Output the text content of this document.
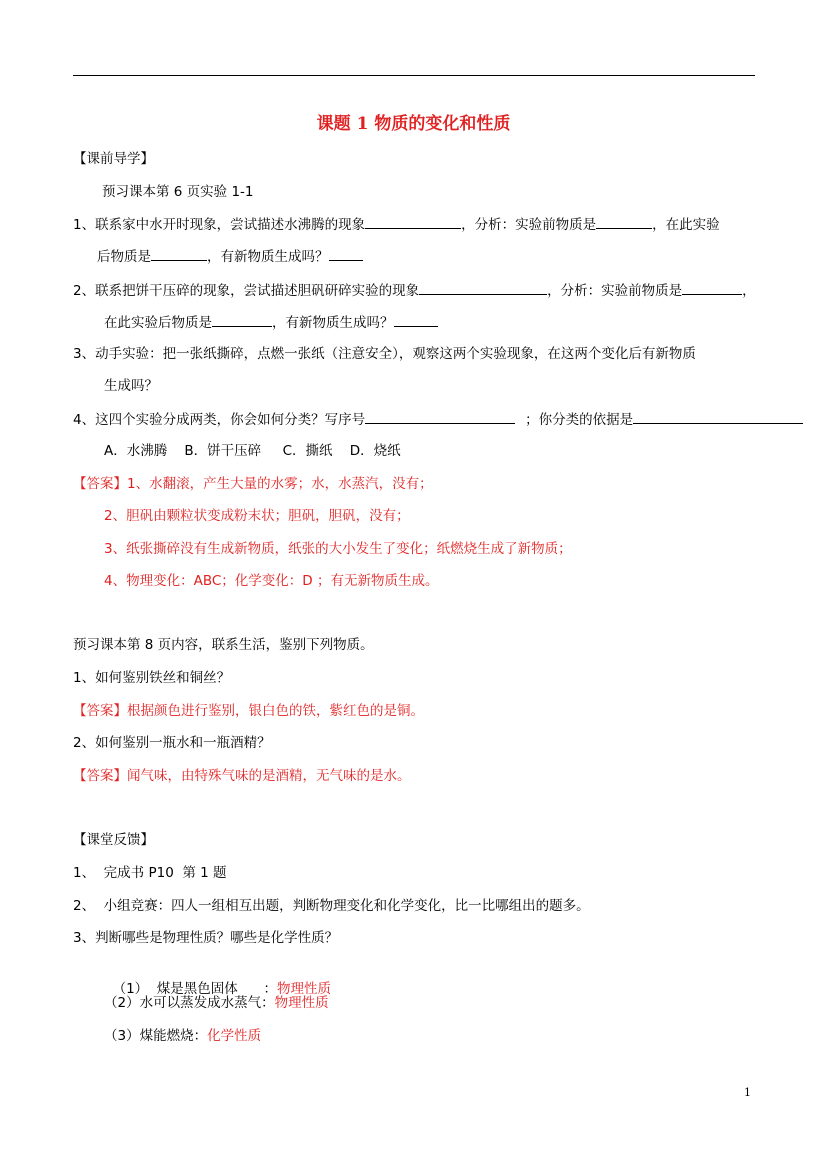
课题 1 物质的变化和性质
【课前导学】
预习课本第 6 页实验 1-1
1、联系家中水开时现象，尝试描述水沸腾的现象	，分析：实验前物质是	，在此实验
后物质是	，有新物质生成吗？
2、联系把饼干压碎的现象，尝试描述胆矾研碎实验的现象	，分析：实验前物质是	，
在此实验后物质是	，有新物质生成吗？
3、动手实验：把一张纸撕碎，点燃一张纸（注意安全），观察这两个实验现象，在这两个变化后有新物质
生成吗？
4、这四个实验分成两类，你会如何分类？写序号	；你分类的依据是
A．水沸腾    B．饼干压碎     C．撕纸    D．烧纸
【答案】1、水翻滚，产生大量的水雾；水，水蒸汽，没有；
2、胆矾由颗粒状变成粉末状；胆矾，胆矾，没有；
3、纸张撕碎没有生成新物质，纸张的大小发生了变化；纸燃烧生成了新物质；
4、物理变化：ABC；化学变化：D ；有无新物质生成。
预习课本第 8 页内容，联系生活，鉴别下列物质。
1、如何鉴别铁丝和铜丝？
【答案】根据颜色进行鉴别，银白色的铁，紫红色的是铜。
2、如何鉴别一瓶水和一瓶酒精？
【答案】闻气味，由特殊气味的是酒精，无气味的是水。
【课堂反馈】
1、  完成书 P10  第 1 题
2、  小组竞赛：四人一组相互出题，判断物理变化和化学变化，比一比哪组出的题多。
3、判断哪些是物理性质？哪些是化学性质？

（1）  煤是黑色固体      ：物理性质

（2）水可以蒸发成水蒸气：物理性质
（3）煤能燃烧：化学性质
1
